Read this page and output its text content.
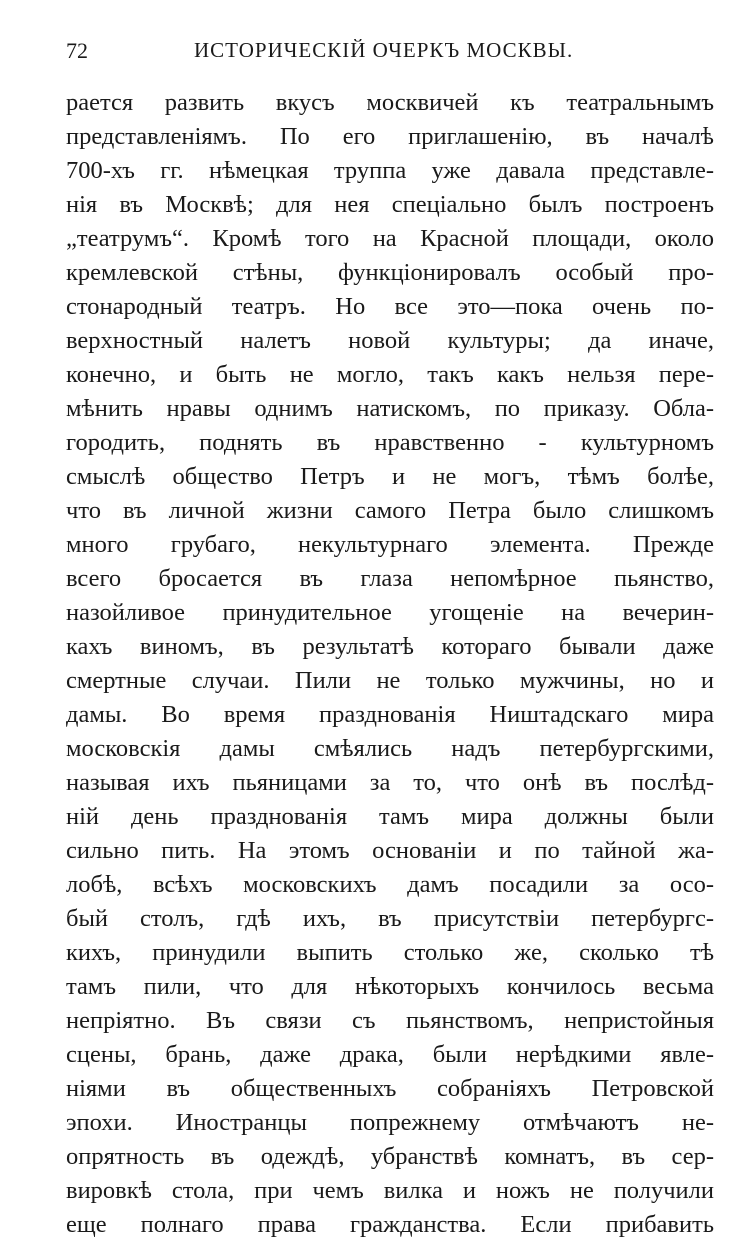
72	ИСТОРИЧЕСКІЙ ОЧЕРКЪ МОСКВЫ.
рается развить вкусъ москвичей къ театральнымъ
представленіямъ. По его приглашенію, въ началѣ
700-хъ гг. нѣмецкая труппа уже давала представле-
нія въ Москвѣ; для нея спеціально былъ построенъ
„театрумъ“. Кромѣ того на Красной площади, около
кремлевской стѣны, функціонировалъ особый про-
стонародный театръ. Но все это—пока очень по-
верхностный налетъ новой культуры; да иначе,
конечно, и быть не могло, такъ какъ нельзя пере-
мѣнить нравы однимъ натискомъ, по приказу. Обла-
городить, поднять въ нравственно - культурномъ
смыслѣ общество Петръ и не могъ, тѣмъ болѣе,
что въ личной жизни самого Петра было слишкомъ
много грубаго, некультурнаго элемента. Прежде
всего бросается въ глаза непомѣрное пьянство,
назойливое принудительное угощеніе на вечерин-
кахъ виномъ, въ результатѣ котораго бывали даже
смертные случаи. Пили не только мужчины, но и
дамы. Во время празднованія Ништадскаго мира
московскія дамы смѣялись надъ петербургскими,
называя ихъ пьяницами за то, что онѣ въ послѣд-
ній день празднованія тамъ мира должны были
сильно пить. На этомъ основаніи и по тайной жа-
лобѣ, всѣхъ московскихъ дамъ посадили за осо-
бый столъ, гдѣ ихъ, въ присутствіи петербургс-
кихъ, принудили выпить столько же, сколько тѣ
тамъ пили, что для нѣкоторыхъ кончилось весьма
непріятно. Въ связи съ пьянствомъ, непристойныя
сцены, брань, даже драка, были нерѣдкими явле-
ніями въ общественныхъ собраніяхъ Петровской
эпохи. Иностранцы попрежнему отмѣчаютъ не-
опрятность въ одеждѣ, убранствѣ комнатъ, въ сер-
вировкѣ стола, при чемъ вилка и ножъ не получили
еще полнаго права гражданства. Если прибавить
